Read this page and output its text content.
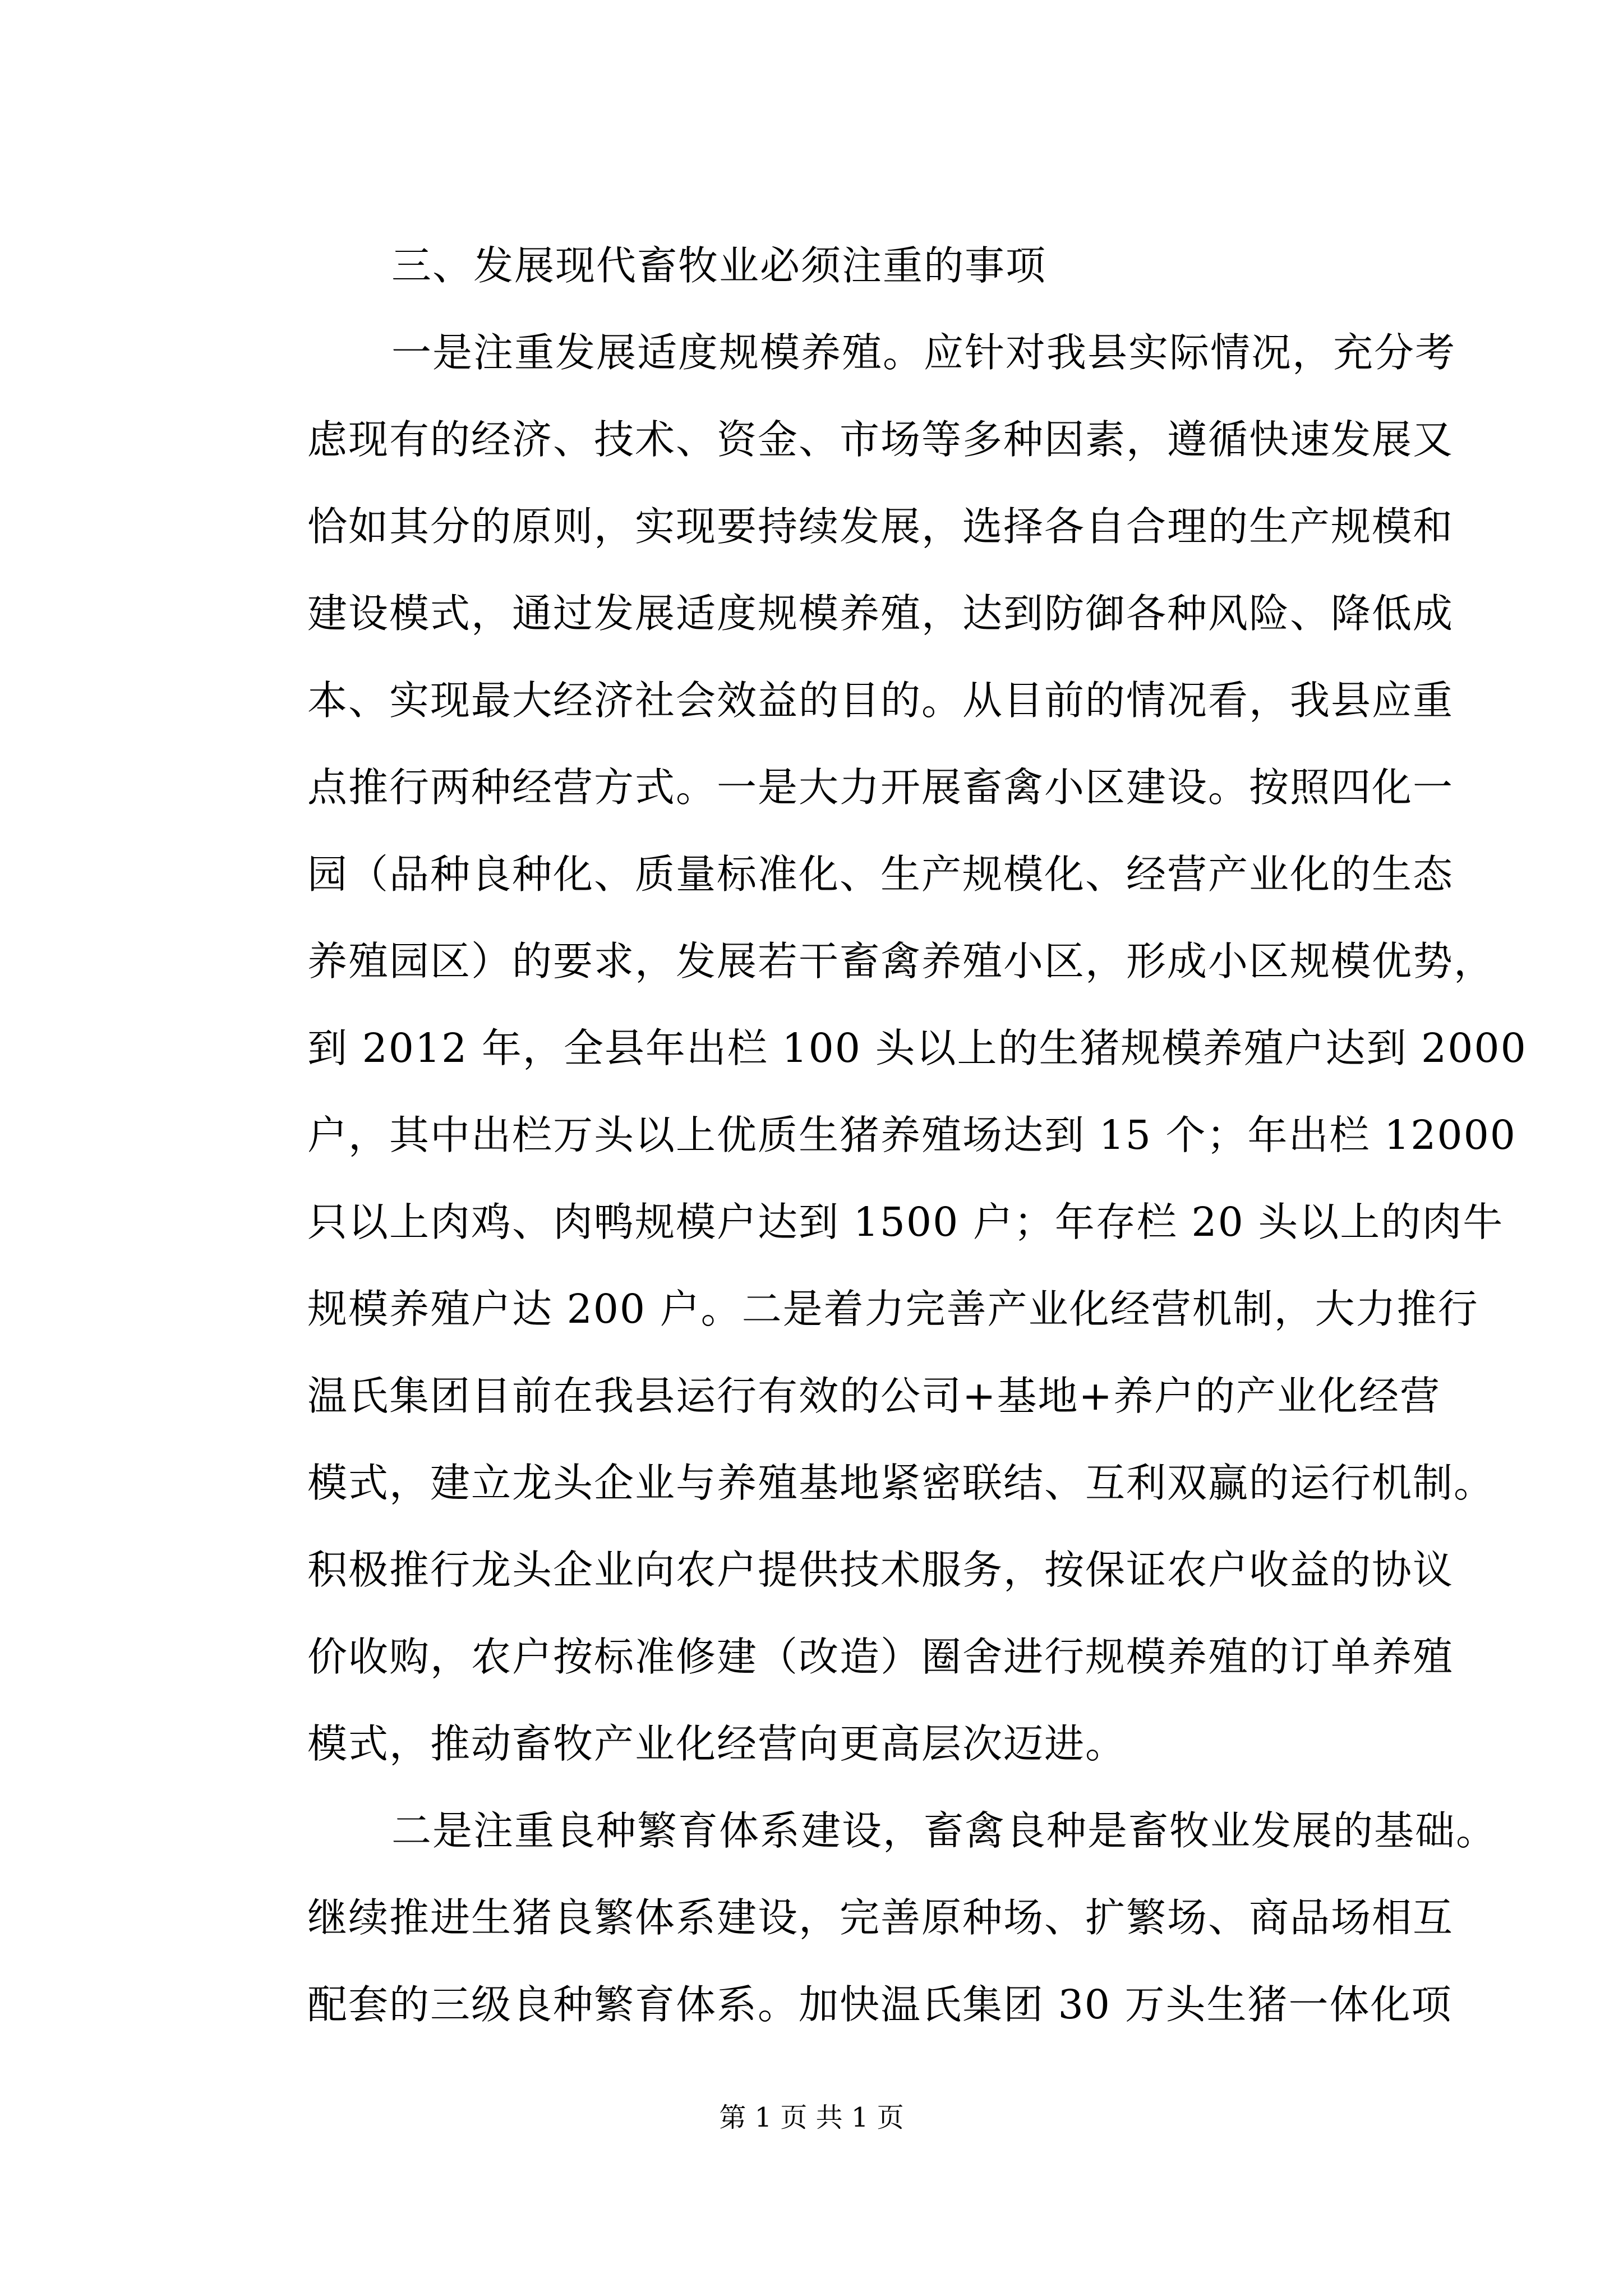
三、发展现代畜牧业必须注重的事项
一是注重发展适度规模养殖。应针对我县实际情况，充分考
虑现有的经济、技术、资金、市场等多种因素，遵循快速发展又
恰如其分的原则，实现要持续发展，选择各自合理的生产规模和
建设模式，通过发展适度规模养殖，达到防御各种风险、降低成
本、实现最大经济社会效益的目的。从目前的情况看，我县应重
点推行两种经营方式。一是大力开展畜禽小区建设。按照四化一
园（品种良种化、质量标准化、生产规模化、经营产业化的生态
养殖园区）的要求，发展若干畜禽养殖小区，形成小区规模优势，
到 2012 年，全县年出栏 100 头以上的生猪规模养殖户达到 2000
户，其中出栏万头以上优质生猪养殖场达到 15 个；年出栏 12000
只以上肉鸡、肉鸭规模户达到 1500 户；年存栏 20 头以上的肉牛
规模养殖户达 200 户。二是着力完善产业化经营机制，大力推行
温氏集团目前在我县运行有效的公司+基地+养户的产业化经营
模式，建立龙头企业与养殖基地紧密联结、互利双赢的运行机制。
积极推行龙头企业向农户提供技术服务，按保证农户收益的协议
价收购，农户按标准修建（改造）圈舍进行规模养殖的订单养殖
模式，推动畜牧产业化经营向更高层次迈进。
二是注重良种繁育体系建设，畜禽良种是畜牧业发展的基础。
继续推进生猪良繁体系建设，完善原种场、扩繁场、商品场相互
配套的三级良种繁育体系。加快温氏集团 30 万头生猪一体化项
第 1 页 共 1 页
